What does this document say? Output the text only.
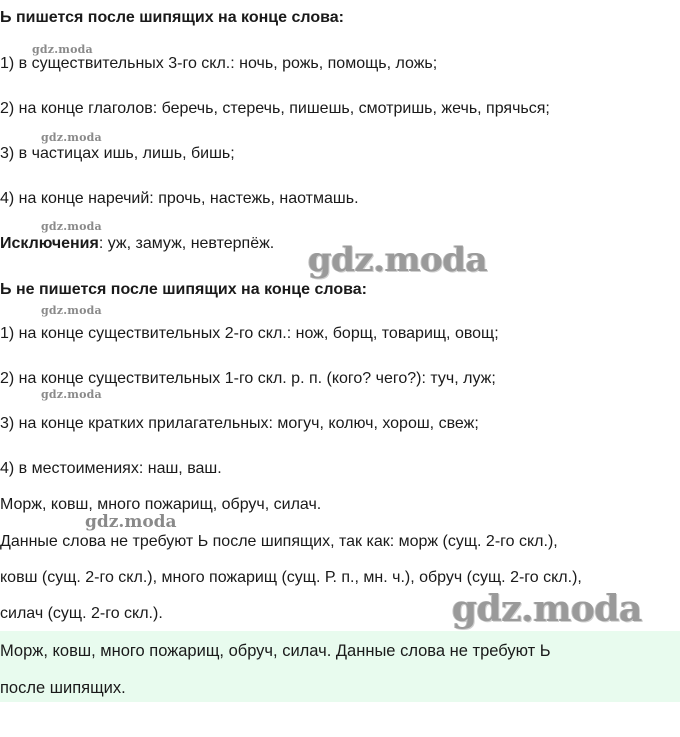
Ь пишется после шипящих на конце слова:
gdz.moda
1) в существительных 3-го скл.: ночь, рожь, помощь, ложь;
2) на конце глаголов: беречь, стеречь, пишешь, смотришь, жечь, прячься;
gdz.moda
3) в частицах ишь, лишь, бишь;
4) на конце наречий: прочь, настежь, наотмашь.
gdz.moda
Исключения: уж, замуж, невтерпёж. gdz.moda
Ь не пишется после шипящих на конце слова:
gdz.moda
1) на конце существительных 2-го скл.: нож, борщ, товарищ, овощ;
2) на конце существительных 1-го скл. р. п. (кого? чего?): туч, луж;
gdz.moda
3) на конце кратких прилагательных: могуч, колюч, хорош, свеж;
4) в местоимениях: наш, ваш.
Морж, ковш, много пожарищ, обруч, силач.
gdz.moda
Данные слова не требуют Ь после шипящих, так как: морж (сущ. 2-го скл.),
ковш (сущ. 2-го скл.), много пожарищ (сущ. Р. п., мн. ч.), обруч (сущ. 2-го скл.),
силач (сущ. 2-го скл.).	gdz.moda
Морж, ковш, много пожарищ, обруч, силач. Данные слова не требуют Ь
после шипящих.
